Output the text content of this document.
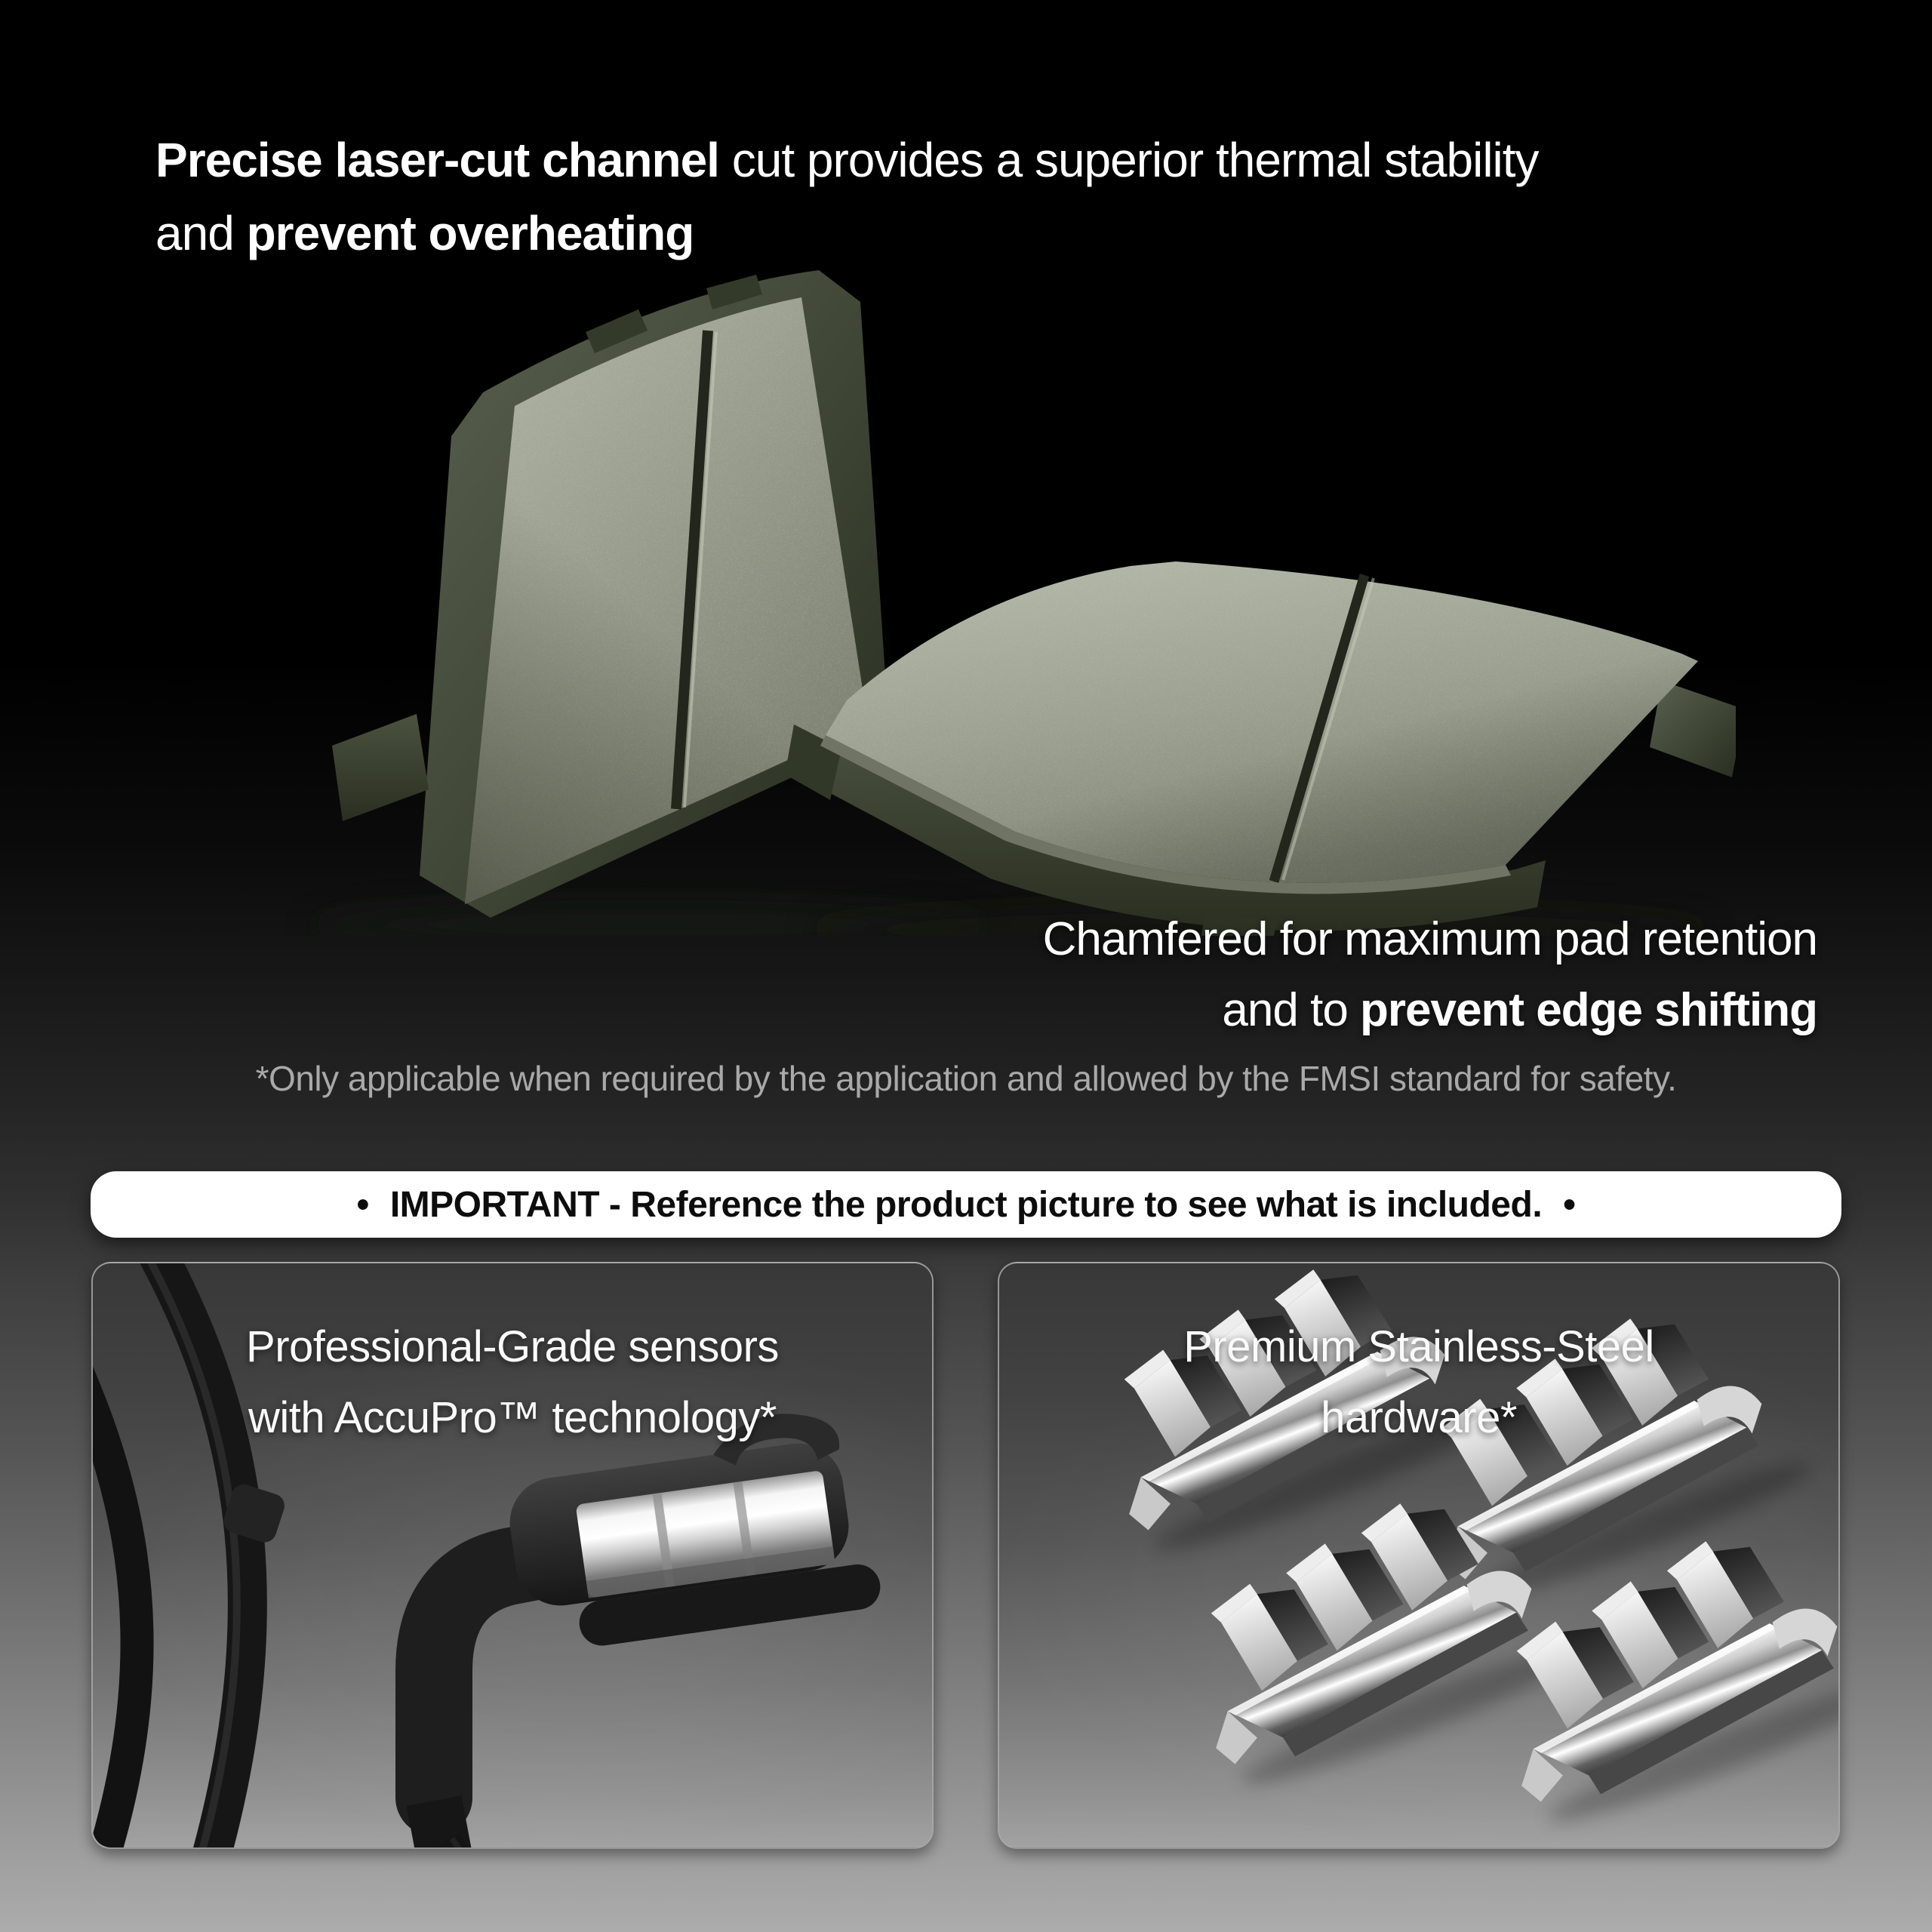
Precise laser-cut channel cut provides a superior thermal stability
and prevent overheating
Chamfered for maximum pad retention
and to prevent edge shifting
*Only applicable when required by the application and allowed by the FMSI standard for safety.
• IMPORTANT - Reference the product picture to see what is included. •
Professional-Grade sensors
with AccuPro™ technology*
Premium Stainless-Steel
hardware*
